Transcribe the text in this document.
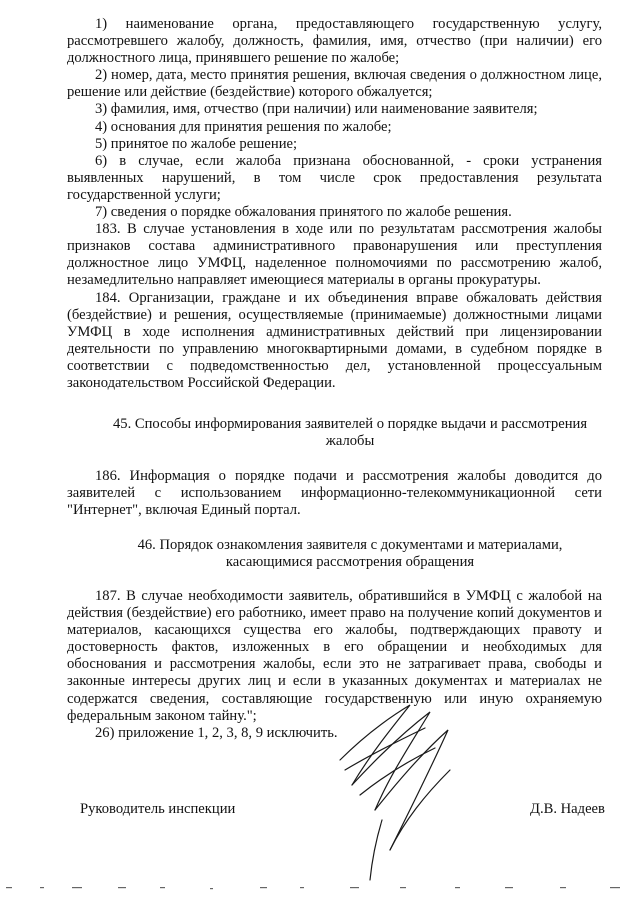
1) наименование органа, предоставляющего государственную услугу, рассмотревшего жалобу, должность, фамилия, имя, отчество (при наличии) его должностного лица, принявшего решение по жалобе;

2) номер, дата, место принятия решения, включая сведения о должностном лице, решение или действие (бездействие) которого обжалуется;

3) фамилия, имя, отчество (при наличии) или наименование заявителя;

4) основания для принятия решения по жалобе;

5) принятое по жалобе решение;

6) в случае, если жалоба признана обоснованной, - сроки устранения выявленных нарушений, в том числе срок предоставления результата государственной услуги;

7) сведения о порядке обжалования принятого по жалобе решения.

183. В случае установления в ходе или по результатам рассмотрения жалобы признаков состава административного правонарушения или преступления должностное лицо УМФЦ, наделенное полномочиями по рассмотрению жалоб, незамедлительно направляет имеющиеся материалы в органы прокуратуры.

184. Организации, граждане и их объединения вправе обжаловать действия (бездействие) и решения, осуществляемые (принимаемые) должностными лицами УМФЦ в ходе исполнения административных действий при лицензировании деятельности по управлению многоквартирными домами, в судебном порядке в соответствии с подведомственностью дел, установленной процессуальным законодательством Российской Федерации.

45. Способы информирования заявителей о порядке выдачи и рассмотрения жалобы

186. Информация о порядке подачи и рассмотрения жалобы доводится до заявителей с использованием информационно-телекоммуникационной сети "Интернет", включая Единый портал.

46. Порядок ознакомления заявителя с документами и материалами, касающимися рассмотрения обращения

187. В случае необходимости заявитель, обратившийся в УМФЦ с жалобой на действия (бездействие) его работнико, имеет право на получение копий документов и материалов, касающихся существа его жалобы, подтверждающих правоту и достоверность фактов, изложенных в его обращении и необходимых для обоснования и рассмотрения жалобы, если это не затрагивает права, свободы и законные интересы других лиц и если в указанных документах и материалах не содержатся сведения, составляющие государственную или иную охраняемую федеральным законом тайну.";

26) приложение 1, 2, 3, 8, 9 исключить.

Руководитель инспекции	Д.В. Надеев
